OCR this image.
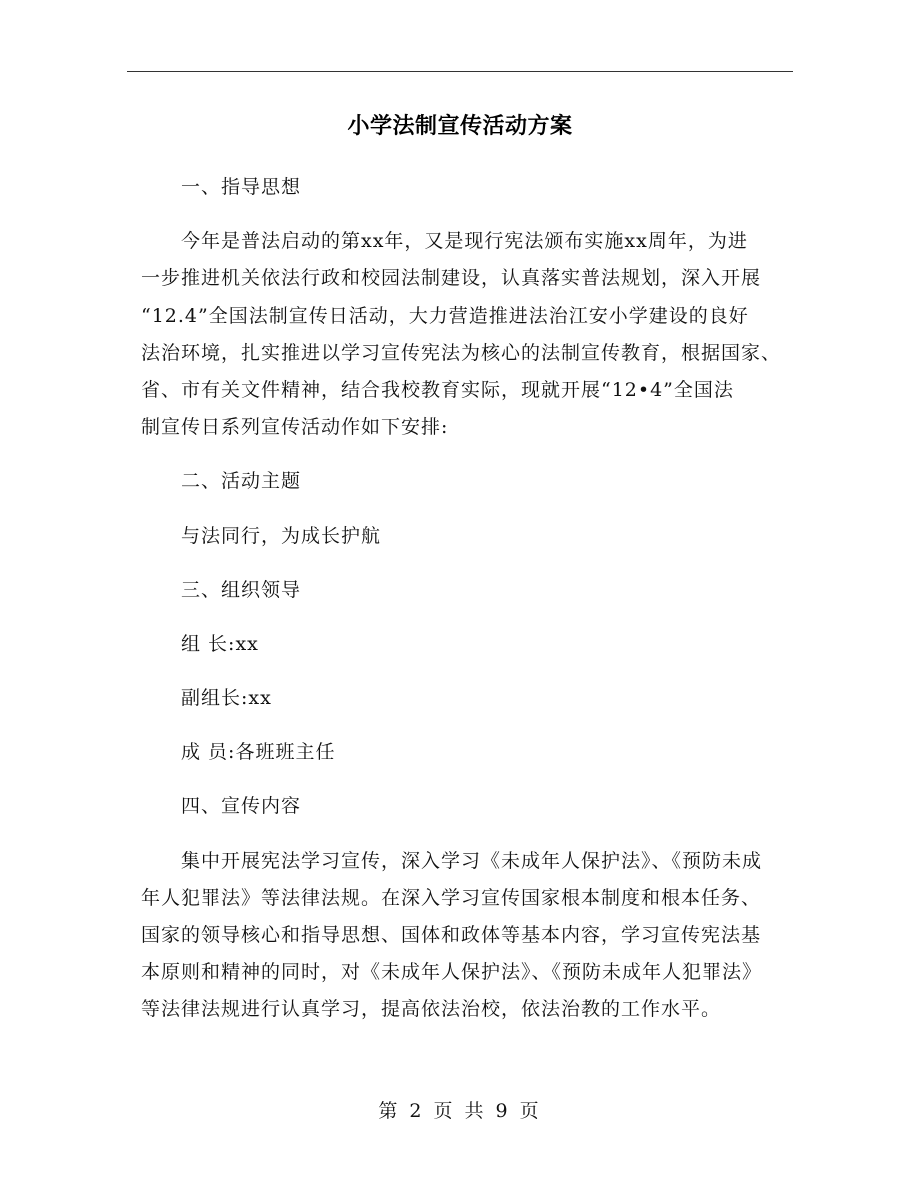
小学法制宣传活动方案
一、指导思想
今年是普法启动的第xx年，又是现行宪法颁布实施xx周年，为进
一步推进机关依法行政和校园法制建设，认真落实普法规划，深入开展
“12.4”全国法制宣传日活动，大力营造推进法治江安小学建设的良好
法治环境，扎实推进以学习宣传宪法为核心的法制宣传教育，根据国家、
省、市有关文件精神，结合我校教育实际，现就开展“12•4”全国法
制宣传日系列宣传活动作如下安排:
二、活动主题
与法同行，为成长护航
三、组织领导
组 长:xx
副组长:xx
成 员:各班班主任
四、宣传内容
集中开展宪法学习宣传，深入学习《未成年人保护法》、《预防未成
年人犯罪法》等法律法规。在深入学习宣传国家根本制度和根本任务、
国家的领导核心和指导思想、国体和政体等基本内容，学习宣传宪法基
本原则和精神的同时，对《未成年人保护法》、《预防未成年人犯罪法》
等法律法规进行认真学习，提高依法治校，依法治教的工作水平。
第 2 页 共 9 页
